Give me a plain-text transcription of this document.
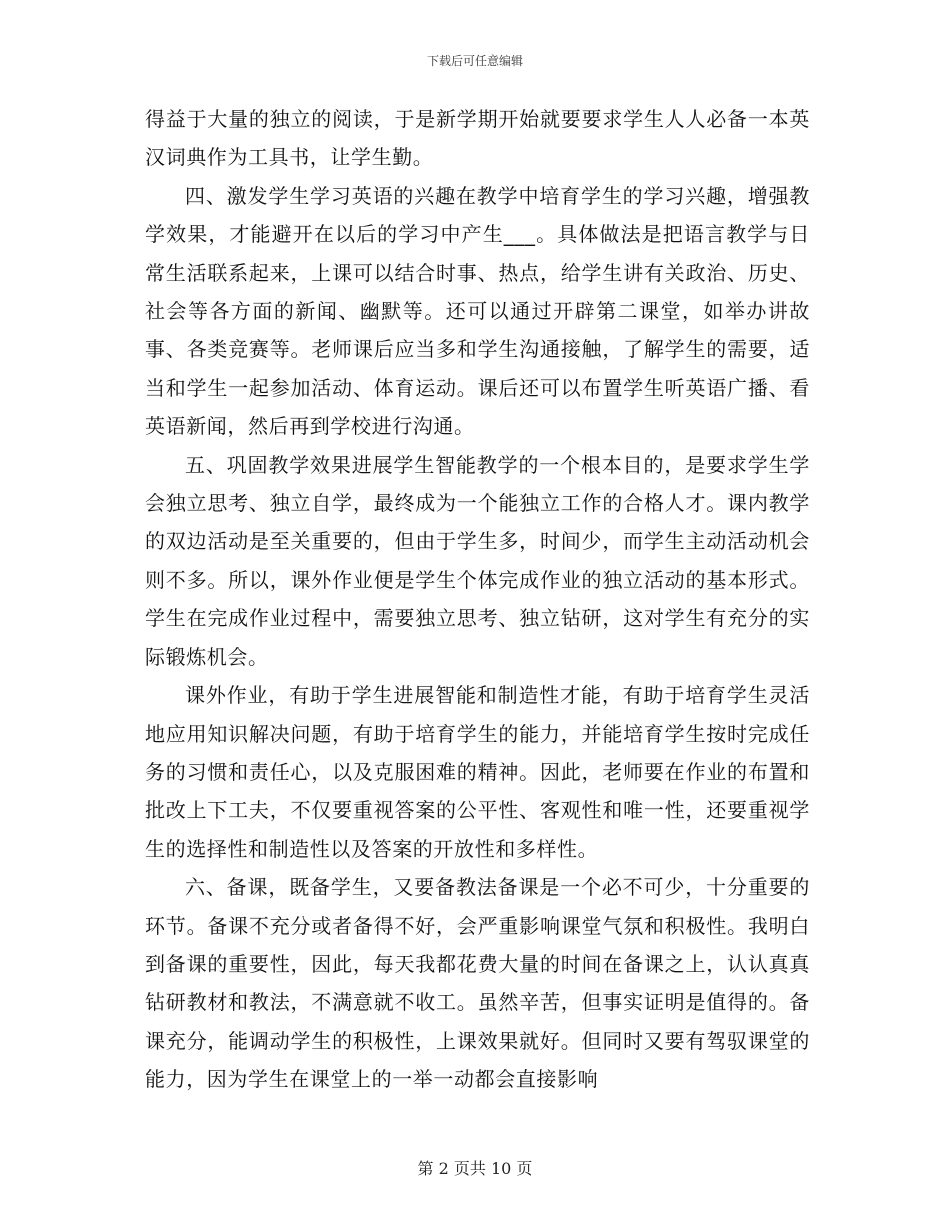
下载后可任意编辑

得益于大量的独立的阅读，于是新学期开始就要要求学生人人必备一本英汉词典作为工具书，让学生勤。

四、激发学生学习英语的兴趣在教学中培育学生的学习兴趣，增强教学效果，才能避开在以后的学习中产生___。具体做法是把语言教学与日常生活联系起来，上课可以结合时事、热点，给学生讲有关政治、历史、社会等各方面的新闻、幽默等。还可以通过开辟第二课堂，如举办讲故事、各类竞赛等。老师课后应当多和学生沟通接触，了解学生的需要，适当和学生一起参加活动、体育运动。课后还可以布置学生听英语广播、看英语新闻，然后再到学校进行沟通。

五、巩固教学效果进展学生智能教学的一个根本目的，是要求学生学会独立思考、独立自学，最终成为一个能独立工作的合格人才。课内教学的双边活动是至关重要的，但由于学生多，时间少，而学生主动活动机会则不多。所以，课外作业便是学生个体完成作业的独立活动的基本形式。学生在完成作业过程中，需要独立思考、独立钻研，这对学生有充分的实际锻炼机会。

课外作业，有助于学生进展智能和制造性才能，有助于培育学生灵活地应用知识解决问题，有助于培育学生的能力，并能培育学生按时完成任务的习惯和责任心，以及克服困难的精神。因此，老师要在作业的布置和批改上下工夫，不仅要重视答案的公平性、客观性和唯一性，还要重视学生的选择性和制造性以及答案的开放性和多样性。

六、备课，既备学生，又要备教法备课是一个必不可少，十分重要的环节。备课不充分或者备得不好，会严重影响课堂气氛和积极性。我明白到备课的重要性，因此，每天我都花费大量的时间在备课之上，认认真真钻研教材和教法，不满意就不收工。虽然辛苦，但事实证明是值得的。备课充分，能调动学生的积极性，上课效果就好。但同时又要有驾驭课堂的能力，因为学生在课堂上的一举一动都会直接影响

第 2 页共 10 页
